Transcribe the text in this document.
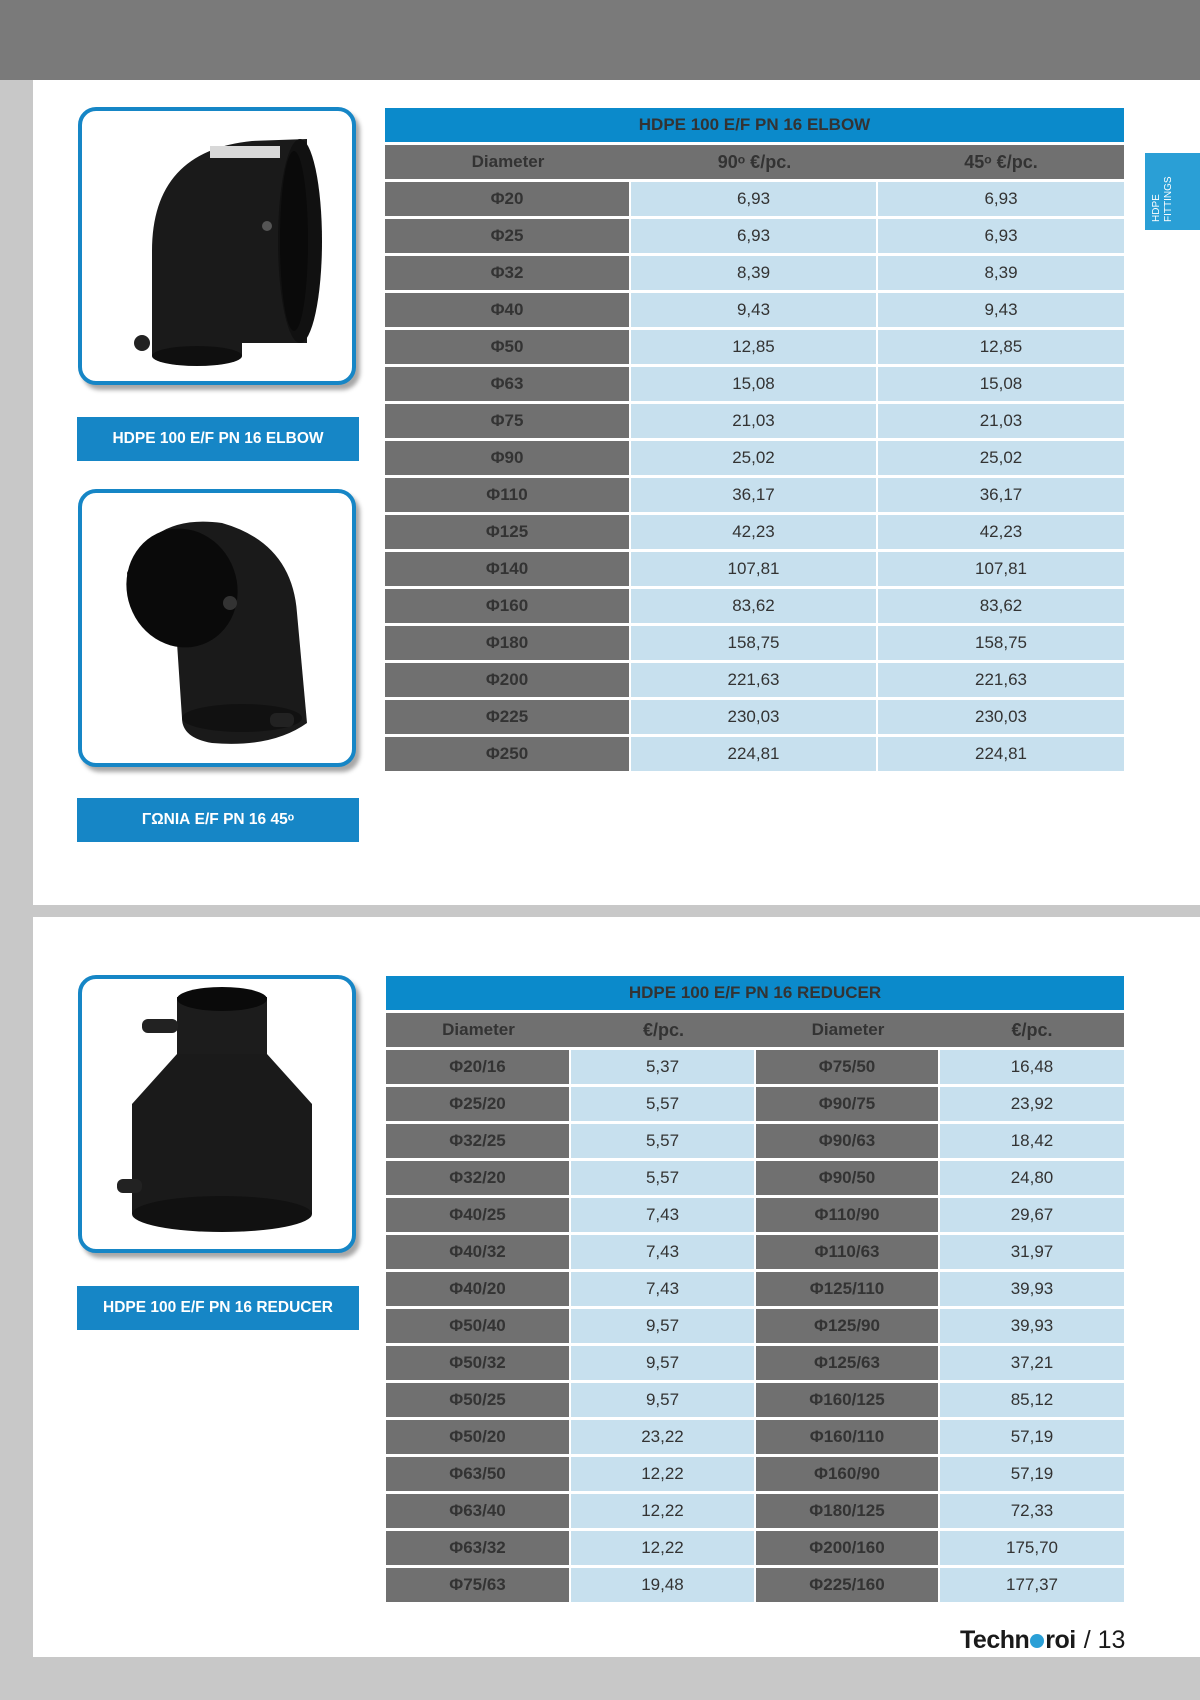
HDPE FITTINGS
HDPE 100 E/F PN 16 ELBOW
ΓΩΝΙΑ E/F PN 16 45ᵒ
HDPE 100 E/F PN 16 REDUCER
HDPE 100 E/F PN 16 ELBOW		
Diameter	90ᵒ €/pc.	45ᵒ €/pc.
Φ20	6,93	6,93
Φ25	6,93	6,93
Φ32	8,39	8,39
Φ40	9,43	9,43
Φ50	12,85	12,85
Φ63	15,08	15,08
Φ75	21,03	21,03
Φ90	25,02	25,02
Φ110	36,17	36,17
Φ125	42,23	42,23
Φ140	107,81	107,81
Φ160	83,62	83,62
Φ180	158,75	158,75
Φ200	221,63	221,63
Φ225	230,03	230,03
Φ250	224,81	224,81
HDPE 100 E/F PN 16 REDUCER			
Diameter	€/pc.	Diameter	€/pc.
Φ20/16	5,37	Φ75/50	16,48
Φ25/20	5,57	Φ90/75	23,92
Φ32/25	5,57	Φ90/63	18,42
Φ32/20	5,57	Φ90/50	24,80
Φ40/25	7,43	Φ110/90	29,67
Φ40/32	7,43	Φ110/63	31,97
Φ40/20	7,43	Φ125/110	39,93
Φ50/40	9,57	Φ125/90	39,93
Φ50/32	9,57	Φ125/63	37,21
Φ50/25	9,57	Φ160/125	85,12
Φ50/20	23,22	Φ160/110	57,19
Φ63/50	12,22	Φ160/90	57,19
Φ63/40	12,22	Φ180/125	72,33
Φ63/32	12,22	Φ200/160	175,70
Φ75/63	19,48	Φ225/160	177,37
Techn roi / 13
